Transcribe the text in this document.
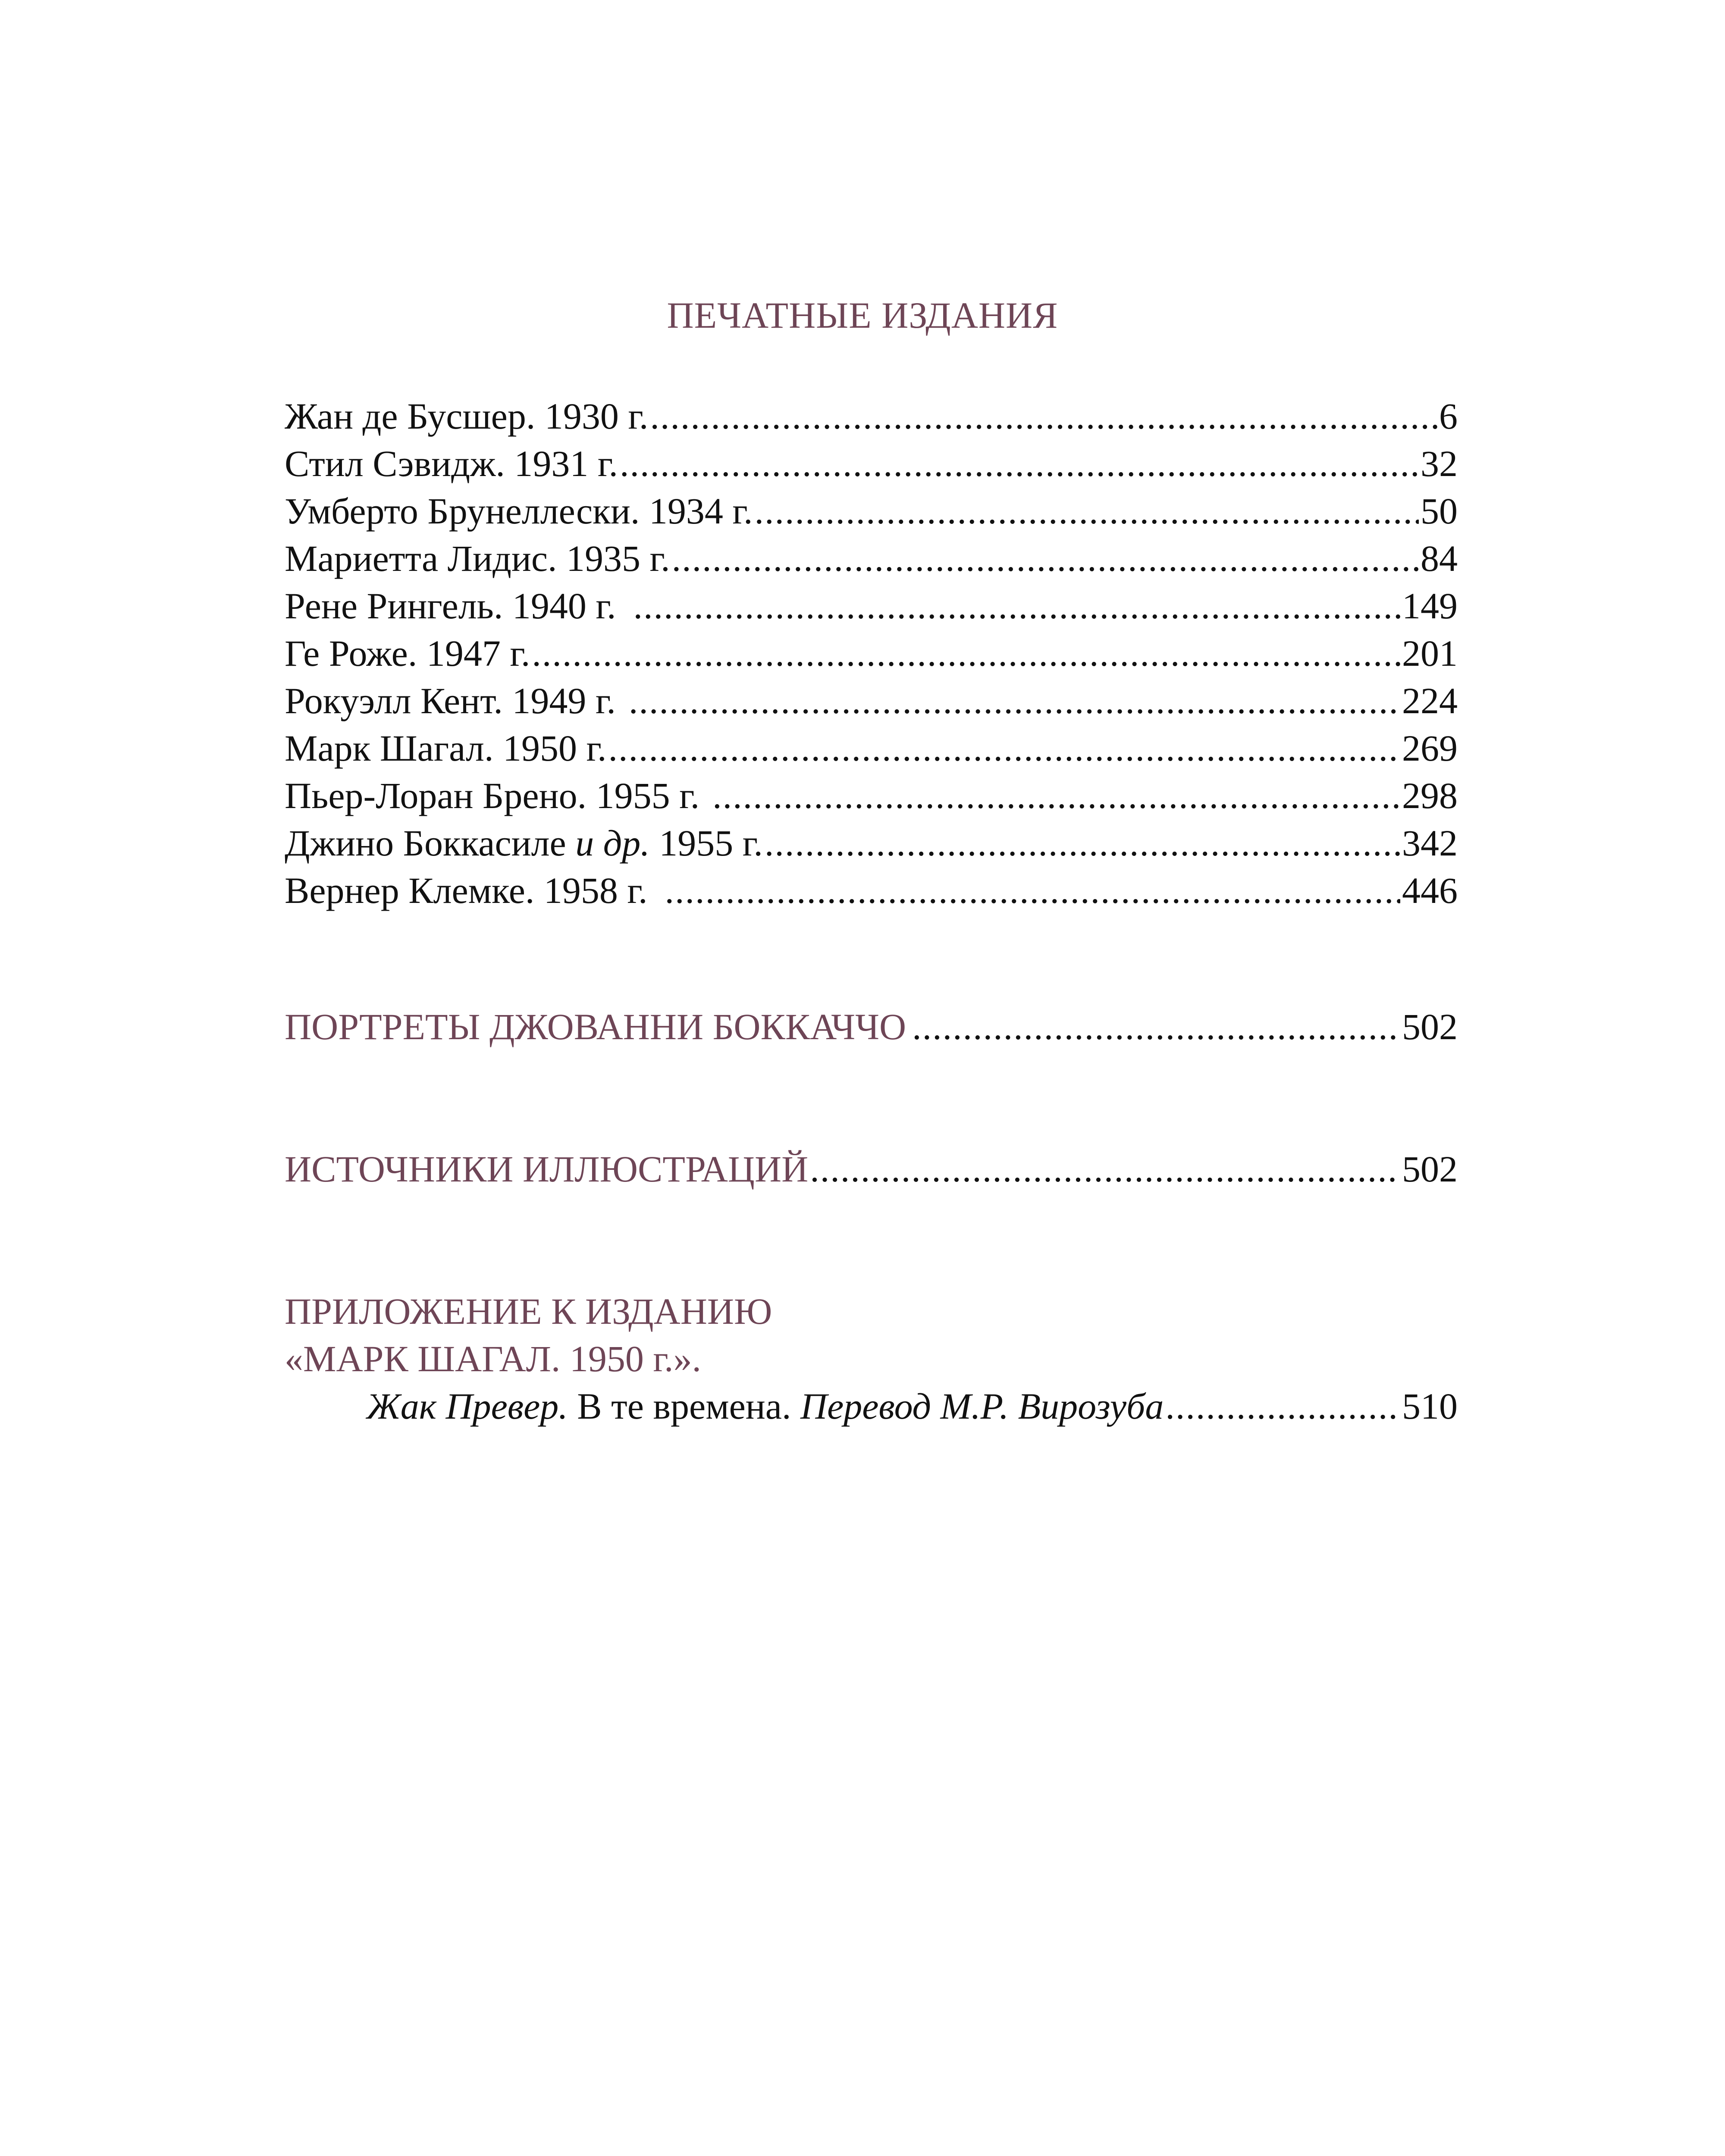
ПЕЧАТНЫЕ ИЗДАНИЯ
Жан де Бусшер. 1930 г. .....	6
Стил Сэвидж. 1931 г. .....	32
Умберто Брунеллески. 1934 г. .....	50
Мариетта Лидис. 1935 г. .....	84
Рене Рингель. 1940 г. .....	149
Ге Роже. 1947 г. .....	201
Рокуэлл Кент. 1949 г. .....	224
Марк Шагал. 1950 г. .....	269
Пьер-Лоран Брено. 1955 г. .....	298
Джино Боккасиле и др. 1955 г. .....	342
Вернер Клемке. 1958 г. .....	446
ПОРТРЕТЫ ДЖОВАННИ БОККАЧЧО .....	502
ИСТОЧНИКИ ИЛЛЮСТРАЦИЙ .....	502
ПРИЛОЖЕНИЕ К ИЗДАНИЮ
«МАРК ШАГАЛ. 1950 г.».
Жак Превер. В те времена. Перевод М.Р. Вирозуба .....	510
